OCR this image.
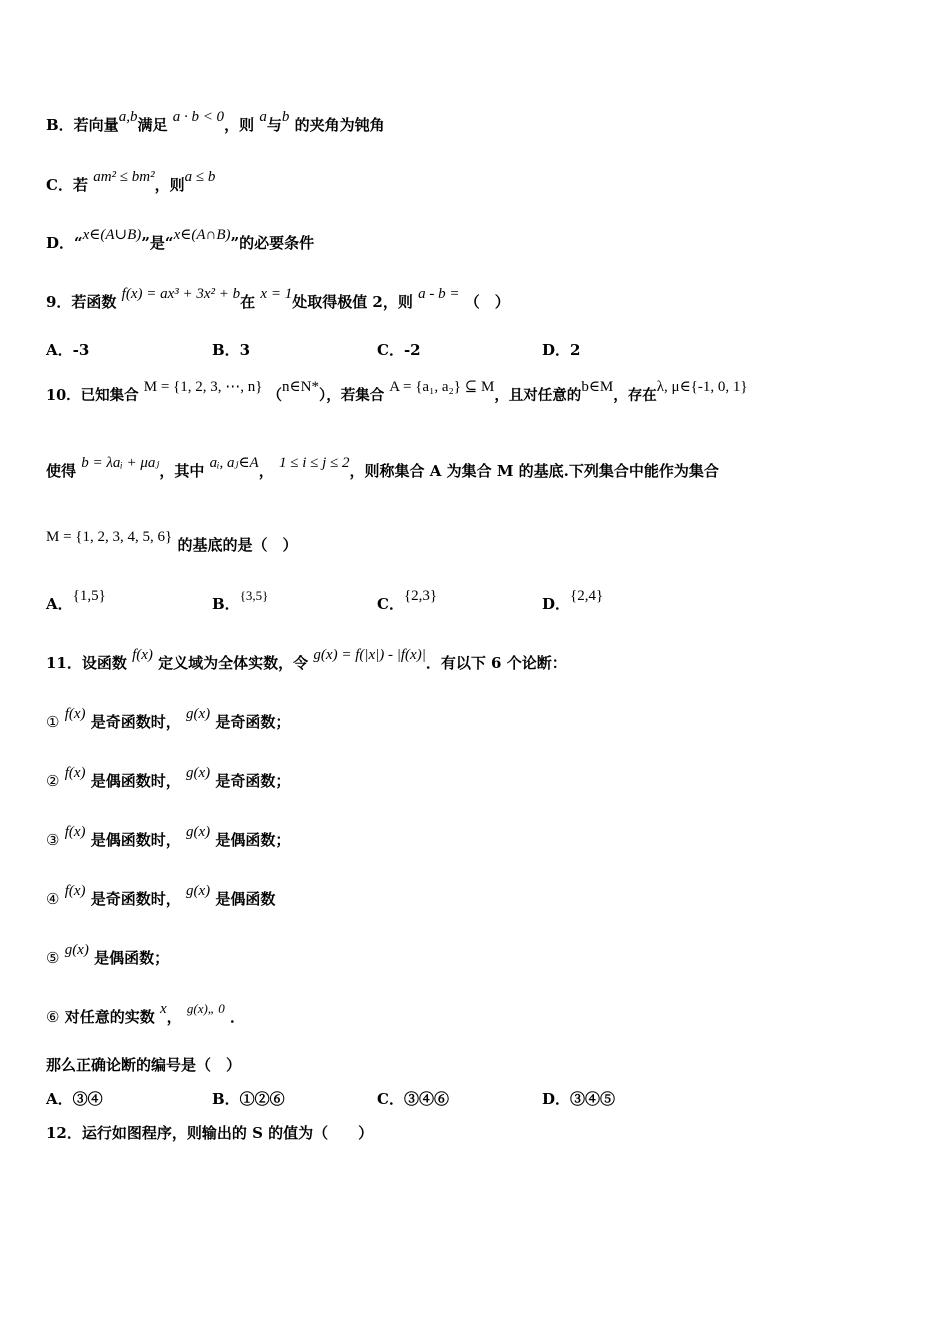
B．若向量a,b满足 a · b < 0，则 a与b 的夹角为钝角
C．若 am² ≤ bm²，则a ≤ b
D．“x∈(A∪B)”是“x∈(A∩B)”的必要条件
9．若函数 f(x) = ax³ + 3x² + b在 x = 1处取得极值 2，则 a - b = （　）
A．-3	B．3	C．-2	D．2
10．已知集合 M = {1, 2, 3, ⋯, n} （n∈N*），若集合 A = {a₁, a₂} ⊆ M，且对任意的b∈M，存在λ, μ∈{-1, 0, 1}
使得 b = λaᵢ + μaⱼ，其中 aᵢ, aⱼ∈A， 1 ≤ i ≤ j ≤ 2，则称集合 A 为集合 M 的基底.下列集合中能作为集合
M = {1, 2, 3, 4, 5, 6} 的基底的是（　）
A．{1,5}	B．{3,5}	C．{2,3}	D．{2,4}
11．设函数 f(x) 定义域为全体实数，令 g(x) = f(|x|) - |f(x)|．有以下 6 个论断：
① f(x) 是奇函数时， g(x) 是奇函数；
② f(x) 是偶函数时， g(x) 是奇函数；
③ f(x) 是偶函数时， g(x) 是偶函数；
④ f(x) 是奇函数时， g(x) 是偶函数
⑤ g(x) 是偶函数；
⑥ 对任意的实数 x， g(x)„ 0 ．
那么正确论断的编号是（　）
A．③④	B．①②⑥	C．③④⑥	D．③④⑤
12．运行如图程序，则输出的 S 的值为（　　）
